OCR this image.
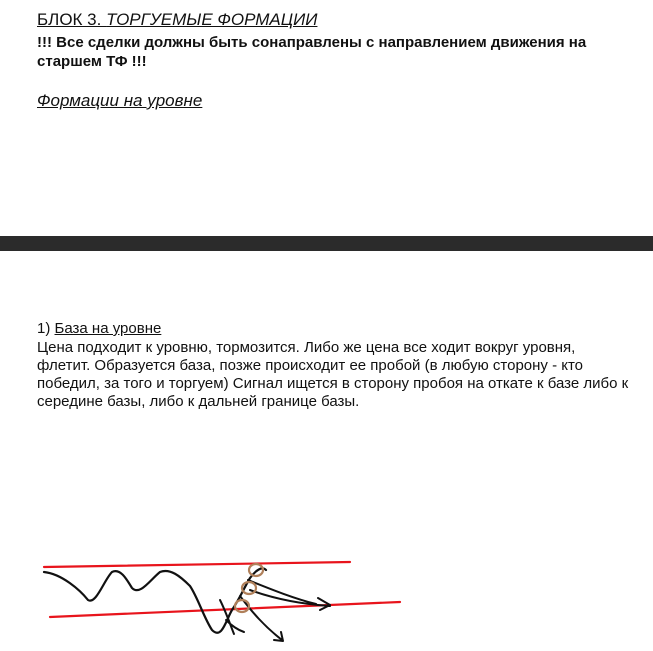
БЛОК 3. ТОРГУЕМЫЕ ФОРМАЦИИ
!!! Все сделки должны быть сонаправлены с направлением движения на старшем ТФ !!!
Формации на уровне
1) База на уровне
Цена подходит к уровню, тормозится. Либо же цена все ходит вокруг уровня, флетит. Образуется база, позже происходит ее пробой (в любую сторону - кто победил, за того и торгуем) Сигнал ищется в сторону пробоя на откате к базе либо к середине базы, либо к дальней границе базы.
